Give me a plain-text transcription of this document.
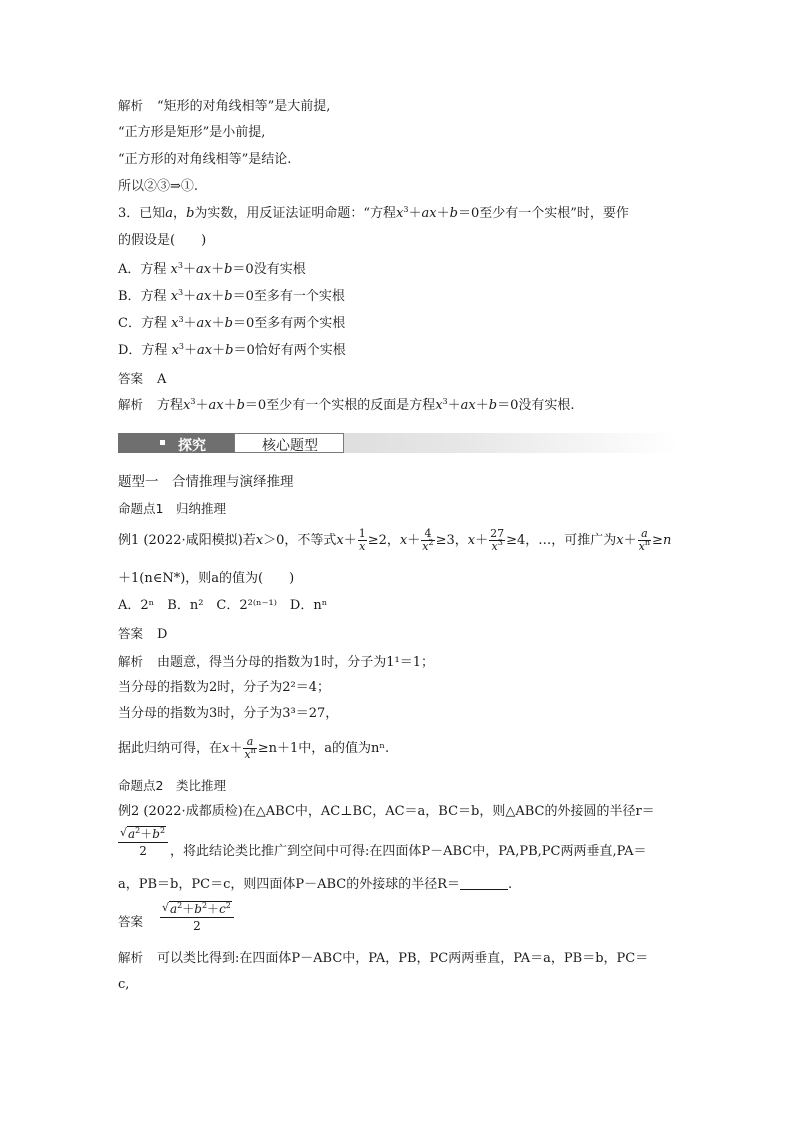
解析 “矩形的对角线相等”是大前提,
“正方形是矩形”是小前提,
“正方形的对角线相等”是结论.
所以②③⇒①.
3．已知a，b为实数，用反证法证明命题：“方程$x^3+ax+b=0$至少有一个实根”时，要作
的假设是(　　)
A．方程 $x^3+ax+b=0$没有实根
B．方程 $x^3+ax+b=0$至多有一个实根
C．方程 $x^3+ax+b=0$至多有两个实根
D．方程 $x^3+ax+b=0$恰好有两个实根
答案 A
解析 方程$x^3+ax+b=0$至少有一个实根的反面是方程$x^3+ax+b=0$没有实根.
探究	核心题型
题型一　合情推理与演绎推理
命题点1　归纳推理
例1 (2022·咸阳模拟)若x＞0，不等式$x+ \frac{1}{x} \ge 2$，$x+ \frac{4}{x^2} \ge 3$，$x+ \frac{27}{x^3} \ge 4$，…，可推广为$x+ \frac{a}{x^n} \ge n$
＋1(n∈N*)，则a的值为(　　)
A．2ⁿ　B．n²　C．2²⁽ⁿ⁻¹⁾　D．nⁿ
答案 D
解析 由题意，得当分母的指数为1时，分子为1¹＝1；
当分母的指数为2时，分子为2²＝4；
当分母的指数为3时，分子为3³＝27，
据此归纳可得，在$x+ \frac{a}{x^n} \ge n+1$中，a的值为nⁿ.
命题点2　类比推理
例2 (2022·成都质检)在△ABC中，AC⊥BC，AC＝a，BC＝b，则△ABC的外接圆的半径r＝
√ $a^2+b^2$
2	，将此结论类比推广到空间中可得:在四面体P－ABC中，PA,PB,PC两两垂直,PA＝
a，PB＝b，PC＝c，则四面体P－ABC的外接球的半径R＝	.
答案
√ $a^2+b^2+c^2$
2
解析 可以类比得到:在四面体P－ABC中，PA，PB，PC两两垂直，PA＝a，PB＝b，PC＝
c,
